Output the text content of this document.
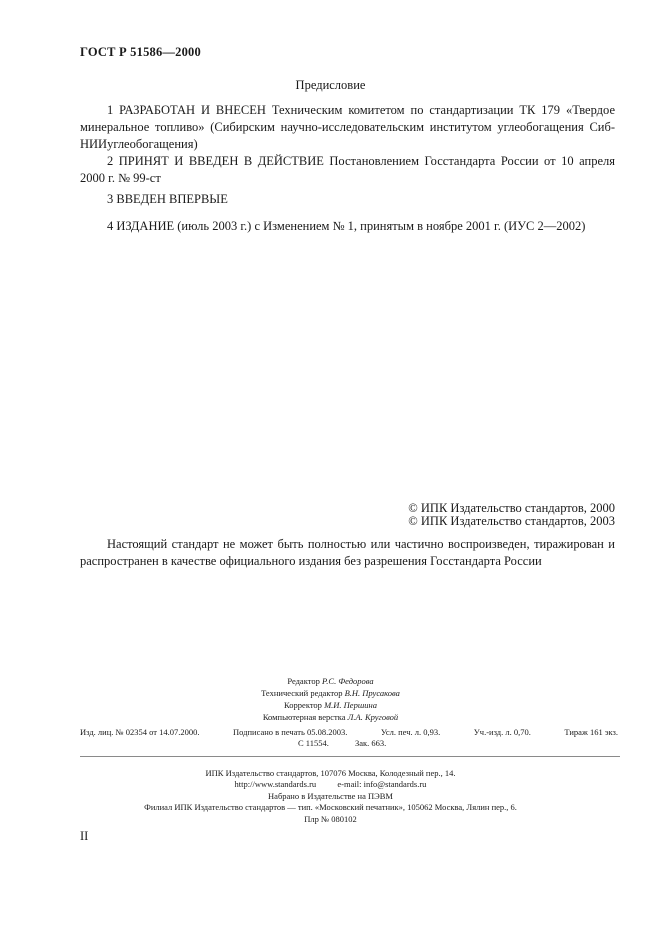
ГОСТ Р 51586—2000
Предисловие

1 РАЗРАБОТАН И ВНЕСЕН Техническим комитетом по стандартизации ТК 179 «Твердое минеральное топливо» (Сибирским научно-исследовательским институтом углеобогащения Сиб-НИИуглеобогащения)

2 ПРИНЯТ И ВВЕДЕН В ДЕЙСТВИЕ Постановлением Госстандарта России от 10 апреля 2000 г. № 99-ст

3 ВВЕДЕН ВПЕРВЫЕ

4 ИЗДАНИЕ (июль 2003 г.) с Изменением № 1, принятым в ноябре 2001 г. (ИУС 2—2002)

© ИПК Издательство стандартов, 2000
© ИПК Издательство стандартов, 2003

Настоящий стандарт не может быть полностью или частично воспроизведен, тиражирован и распространен в качестве официального издания без разрешения Госстандарта России

Редактор Р.С. Федорова
Технический редактор В.Н. Прусакова
Корректор М.И. Першина
Компьютерная верстка Л.А. Круговой
Изд. лиц. № 02354 от 14.07.2000.	Подписано в печать 05.08.2003.	Усл. печ. л. 0,93.	Уч.-изд. л. 0,70.	Тираж 161 экз.
С 11554.	Зак. 663.
ИПК Издательство стандартов, 107076 Москва, Колодезный пер., 14.
http://www.standards.ru          e-mail: info@standards.ru
Набрано в Издательстве на ПЭВМ
Филиал ИПК Издательство стандартов — тип. «Московский печатник», 105062 Москва, Лялин пер., 6.
Плр № 080102
II
